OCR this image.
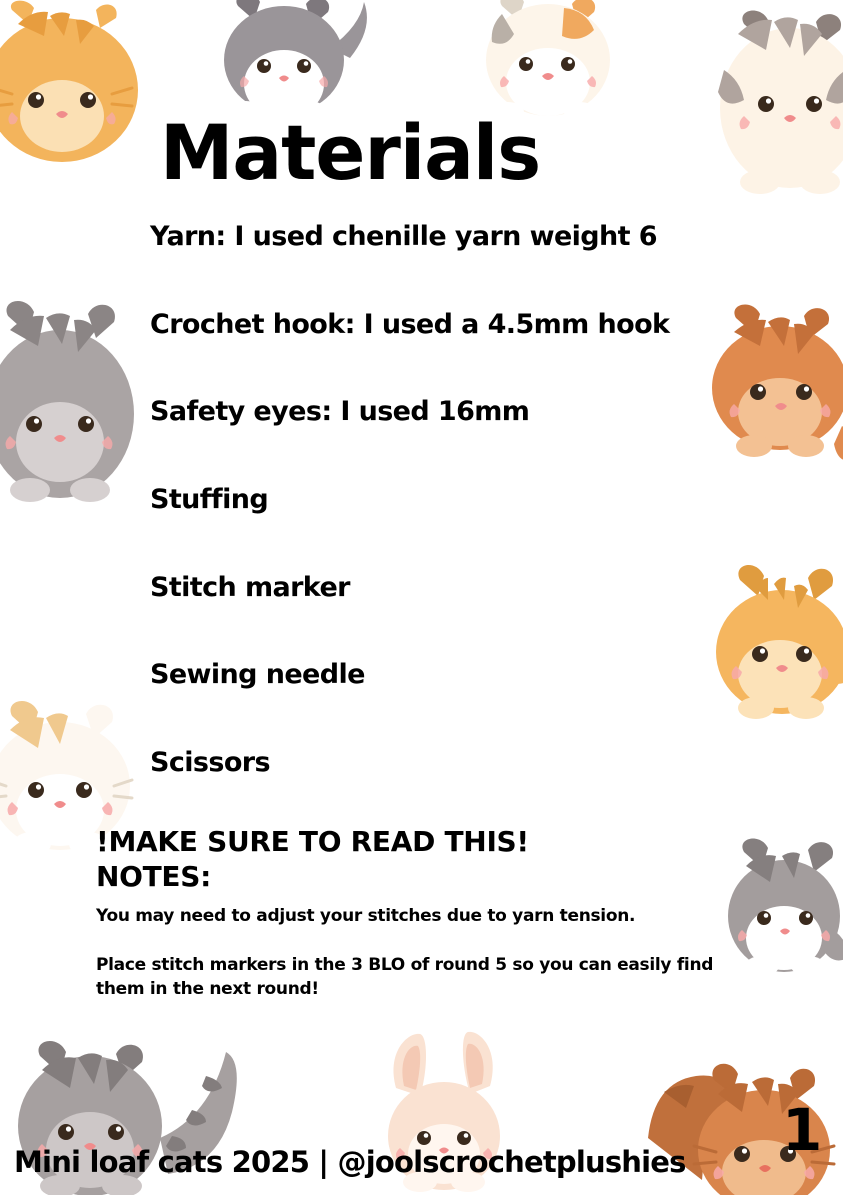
Materials
Yarn: I used chenille yarn weight 6
Crochet hook: I used a 4.5mm hook
Safety eyes: I used 16mm
Stuffing
Stitch marker
Sewing needle
Scissors
!MAKE SURE TO READ THIS!
NOTES:
You may need to adjust your stitches due to yarn tension.
Place stitch markers in the 3 BLO of round 5 so you can easily find them in the next round!
Mini loaf cats 2025 | @joolscrochetplushies 1
